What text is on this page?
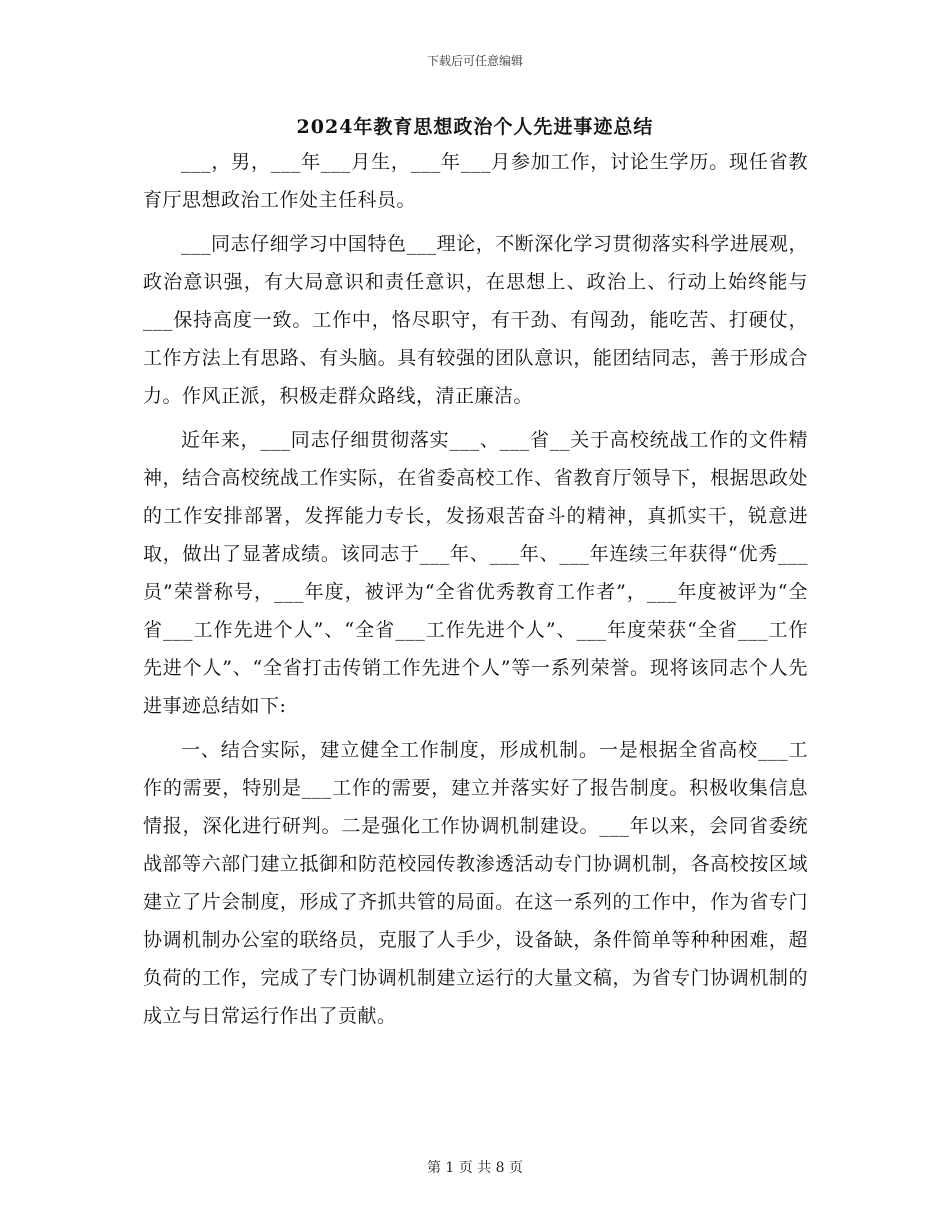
下载后可任意编辑
2024年教育思想政治个人先进事迹总结

___，男，___年___月生，___年___月参加工作，讨论生学历。现任省教育厅思想政治工作处主任科员。

___同志仔细学习中国特色___理论，不断深化学习贯彻落实科学进展观，政治意识强，有大局意识和责任意识，在思想上、政治上、行动上始终能与___保持高度一致。工作中，恪尽职守，有干劲、有闯劲，能吃苦、打硬仗，工作方法上有思路、有头脑。具有较强的团队意识，能团结同志，善于形成合力。作风正派，积极走群众路线，清正廉洁。

近年来，___同志仔细贯彻落实___、___省__关于高校统战工作的文件精神，结合高校统战工作实际，在省委高校工作、省教育厅领导下，根据思政处的工作安排部署，发挥能力专长，发扬艰苦奋斗的精神，真抓实干，锐意进取，做出了显著成绩。该同志于___年、___年、___年连续三年获得“优秀___员”荣誉称号，___年度，被评为“全省优秀教育工作者”，___年度被评为“全省___工作先进个人”、“全省___工作先进个人”、___年度荣获“全省___工作先进个人”、“全省打击传销工作先进个人”等一系列荣誉。现将该同志个人先进事迹总结如下:

一、结合实际，建立健全工作制度，形成机制。一是根据全省高校___工作的需要，特别是___工作的需要，建立并落实好了报告制度。积极收集信息情报，深化进行研判。二是强化工作协调机制建设。___年以来，会同省委统战部等六部门建立抵御和防范校园传教渗透活动专门协调机制，各高校按区域建立了片会制度，形成了齐抓共管的局面。在这一系列的工作中，作为省专门协调机制办公室的联络员，克服了人手少，设备缺，条件简单等种种困难，超负荷的工作，完成了专门协调机制建立运行的大量文稿，为省专门协调机制的成立与日常运行作出了贡献。

第 1 页 共 8 页
